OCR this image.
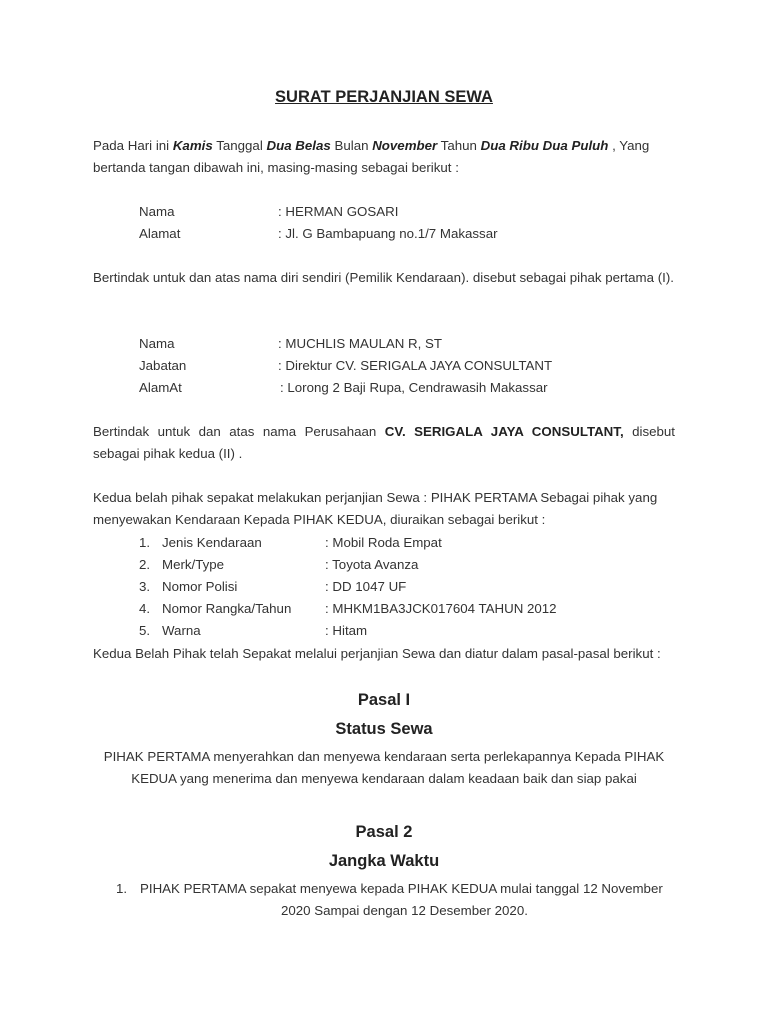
SURAT PERJANJIAN SEWA
Pada Hari ini Kamis Tanggal Dua Belas Bulan November Tahun Dua Ribu Dua Puluh , Yang bertanda tangan dibawah ini, masing-masing sebagai berikut :
Nama	: HERMAN GOSARI
Alamat	: Jl. G Bambapuang no.1/7 Makassar
Bertindak untuk dan atas nama diri sendiri (Pemilik Kendaraan). disebut sebagai pihak pertama (I).
Nama	: MUCHLIS MAULAN R, ST
Jabatan	: Direktur CV. SERIGALA JAYA CONSULTANT
AlamAt	: Lorong 2 Baji Rupa, Cendrawasih Makassar
Bertindak untuk dan atas nama Perusahaan CV. SERIGALA JAYA CONSULTANT, disebut sebagai pihak kedua (II) .
Kedua belah pihak sepakat melakukan perjanjian Sewa : PIHAK PERTAMA Sebagai pihak yang menyewakan Kendaraan Kepada PIHAK KEDUA, diuraikan sebagai berikut :
1. Jenis Kendaraan	: Mobil Roda Empat
2. Merk/Type	: Toyota Avanza
3. Nomor Polisi	: DD 1047 UF
4. Nomor Rangka/Tahun	: MHKM1BA3JCK017604 TAHUN 2012
5. Warna	: Hitam
Kedua Belah Pihak telah Sepakat melalui perjanjian Sewa dan diatur dalam pasal-pasal berikut :
Pasal I
Status Sewa
PIHAK PERTAMA menyerahkan dan menyewa kendaraan serta perlekapannya Kepada PIHAK
KEDUA yang menerima dan menyewa kendaraan dalam keadaan baik dan siap pakai
Pasal 2
Jangka Waktu
1. PIHAK PERTAMA sepakat menyewa kepada PIHAK KEDUA mulai tanggal 12 November
2020 Sampai dengan 12 Desember 2020.
